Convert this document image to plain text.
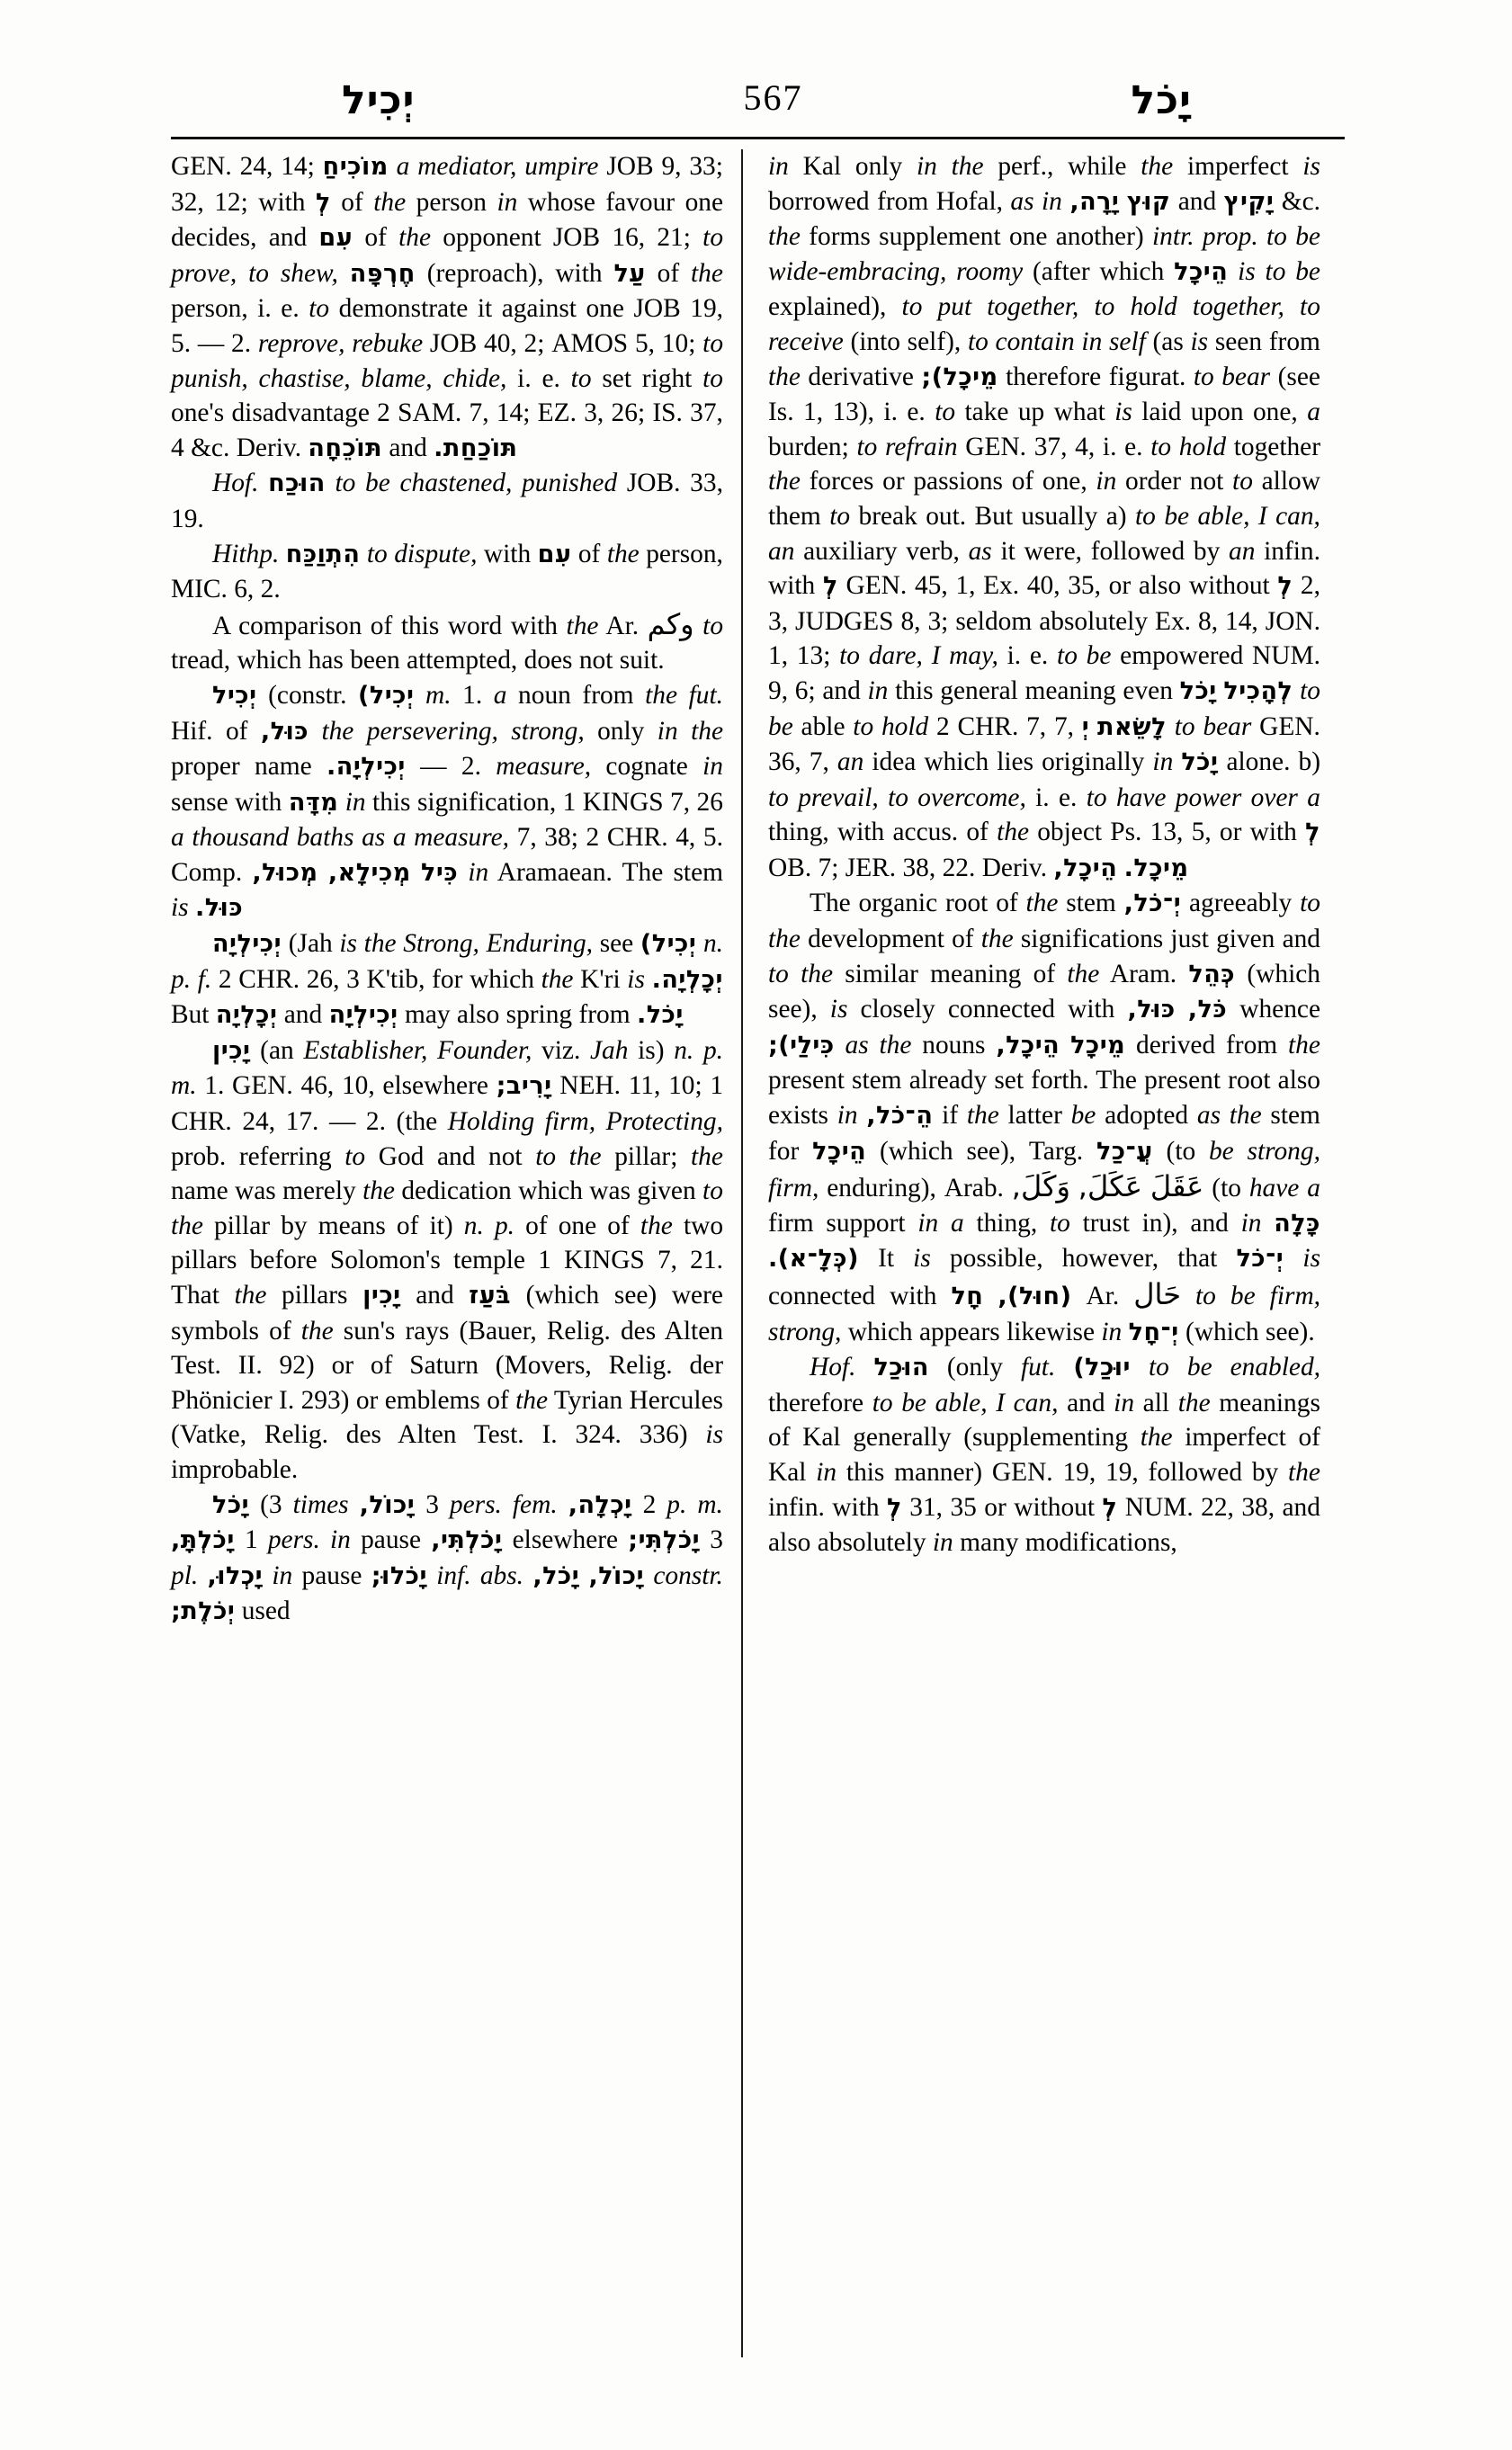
יְכִיל	567	יָכֹל

GEN. 24, 14; מוֹכִיחַ a mediator, umpire JOB 9, 33; 32, 12; with לְ of the person in whose favour one decides, and עִם of the opponent JOB 16, 21; to prove, to shew, חֶרְפָּה (reproach), with עַל of the person, i. e. to demonstrate it against one JOB 19, 5. — 2. reprove, rebuke JOB 40, 2; AMOS 5, 10; to punish, chastise, blame, chide, i. e. to set right to one's disadvantage 2 SAM. 7, 14; EZ. 3, 26; IS. 37, 4 &c. Deriv. תּוֹכֵחָה and תּוֹכַחַת.

Hof. הוּכַח to be chastened, punished JOB. 33, 19.

Hithp. הִתְוַכַּח to dispute, with עִם of the person, MIC. 6, 2.

A comparison of this word with the Ar. وكم to tread, which has been attempted, does not suit.

יְכִיל (constr. יְכִיל) m. 1. a noun from the fut. Hif. of כּוּל, the persevering, strong, only in the proper name יְכִילְיָה. — 2. measure, cognate in sense with מִדָּה in this signification, 1 KINGS 7, 26 a thousand baths as a measure, 7, 38; 2 CHR. 4, 5. Comp. מְכוּל, מְכִילָא, כִּיל in Aramaean. The stem is כּוּל.

יְכִילְיָה (Jah is the Strong, Enduring, see יְכִיל) n. p. f. 2 CHR. 26, 3 K'tib, for which the K'ri is יְכָלְיָה. But יְכָלְיָה and יְכִילְיָה may also spring from יָכֹל.

יָכִין (an Establisher, Founder, viz. Jah is) n. p. m. 1. GEN. 46, 10, elsewhere יָרִיב; NEH. 11, 10; 1 CHR. 24, 17. — 2. (the Holding firm, Protecting, prob. referring to God and not to the pillar; the name was merely the dedication which was given to the pillar by means of it) n. p. of one of the two pillars before Solomon's temple 1 KINGS 7, 21. That the pillars יָכִין and בֹּעַז (which see) were symbols of the sun's rays (Bauer, Relig. des Alten Test. II. 92) or of Saturn (Movers, Relig. der Phönicier I. 293) or emblems of the Tyrian Hercules (Vatke, Relig. des Alten Test. I. 324. 336) is improbable.

יָכֹל (3 times יָכוֹל, 3 pers. fem. יָכְלָה, 2 p. m. יָכֹלְתָּ, 1 pers. in pause יָכֹלְתִּי, elsewhere יָכֹלְתִּי; 3 pl. יָכְלוּ, in pause יָכֹלוּ; inf. abs. יָכֹל, יָכוֹל, constr. יְכֹלֶת; used

in Kal only in the perf., while the imperfect is borrowed from Hofal, as in יָרָה, קוּץ and יָקִיץ &c. the forms supplement one another) intr. prop. to be wide-embracing, roomy (after which הֵיכָל is to be explained), to put together, to hold together, to receive (into self), to contain in self (as is seen from the derivative מֵיכָל); therefore figurat. to bear (see Is. 1, 13), i. e. to take up what is laid upon one, a burden; to refrain GEN. 37, 4, i. e. to hold together the forces or passions of one, in order not to allow them to break out. But usually a) to be able, I can, an auxiliary verb, as it were, followed by an infin. with לְ GEN. 45, 1, Ex. 40, 35, or also without לְ 2, 3, JUDGES 8, 3; seldom absolutely Ex. 8, 14, JON. 1, 13; to dare, I may, i. e. to be empowered NUM. 9, 6; and in this general meaning even יָכֹל לְהָכִיל to be able to hold 2 CHR. 7, 7, יְ לָשֵׂאת to bear GEN. 36, 7, an idea which lies originally in יָכֹל alone. b) to prevail, to overcome, i. e. to have power over a thing, with accus. of the object Ps. 13, 5, or with לְ OB. 7; JER. 38, 22. Deriv. הֵיכָל, מֵיכָל.

The organic root of the stem יְ־כֹל, agreeably to the development of the significations just given and to the similar meaning of the Aram. כְּהֵל (which see), is closely connected with כּוּל, כֹּל, whence כִּילַי); as the nouns הֵיכָל, מֵיכָל derived from the present stem already set forth. The present root also exists in הֵ־כֹל, if the latter be adopted as the stem for הֵיכָל (which see), Targ. עֲ־כַל (to be strong, firm, enduring), Arab. وَكَلَ, عَكَلَ, عَقَلَ (to have a firm support in a thing, to trust in), and in כָּלָה (כְּלָ־א). It is possible, however, that יְ־כֹל is connected with חָל (חוּל), Ar. حَال to be firm, strong, which appears likewise in יְ־חָל (which see).

Hof. הוּכַל (only fut. יוּכַל) to be enabled, therefore to be able, I can, and in all the meanings of Kal generally (supplementing the imperfect of Kal in this manner) GEN. 19, 19, followed by the infin. with לְ 31, 35 or without לְ NUM. 22, 38, and also absolutely in many modifications,
